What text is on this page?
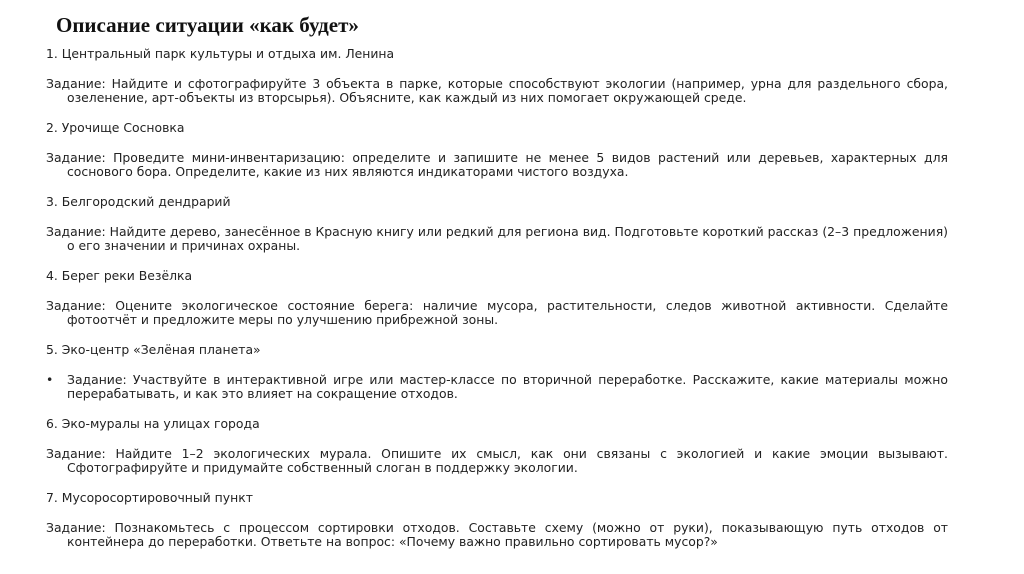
Описание ситуации «как будет»

1. Центральный парк культуры и отдыха им. Ленина

Задание: Найдите и сфотографируйте 3 объекта в парке, которые способствуют экологии (например, урна для раздельного сбора, озеленение, арт-объекты из вторсырья). Объясните, как каждый из них помогает окружающей среде.

2. Урочище Сосновка

Задание: Проведите мини-инвентаризацию: определите и запишите не менее 5 видов растений или деревьев, характерных для соснового бора. Определите, какие из них являются индикаторами чистого воздуха.

3. Белгородский дендрарий

Задание: Найдите дерево, занесённое в Красную книгу или редкий для региона вид. Подготовьте короткий рассказ (2–3 предложения) о его значении и причинах охраны.

4. Берег реки Везёлка

Задание: Оцените экологическое состояние берега: наличие мусора, растительности, следов животной активности. Сделайте фотоотчёт и предложите меры по улучшению прибрежной зоны.

5. Эко-центр «Зелёная планета»

• Задание: Участвуйте в интерактивной игре или мастер-классе по вторичной переработке. Расскажите, какие материалы можно перерабатывать, и как это влияет на сокращение отходов.

6. Эко-муралы на улицах города

Задание: Найдите 1–2 экологических мурала. Опишите их смысл, как они связаны с экологией и какие эмоции вызывают. Сфотографируйте и придумайте собственный слоган в поддержку экологии.

7. Мусоросортировочный пункт

Задание: Познакомьтесь с процессом сортировки отходов. Составьте схему (можно от руки), показывающую путь отходов от контейнера до переработки. Ответьте на вопрос: «Почему важно правильно сортировать мусор?»
